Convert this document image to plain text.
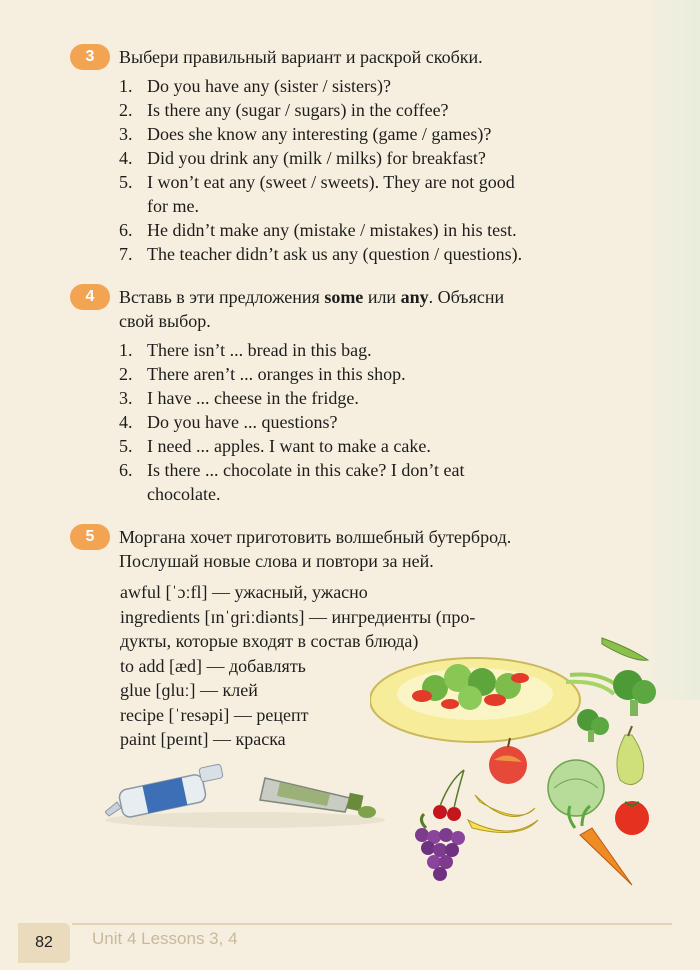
3	Выбери правильный вариант и раскрой скобки.
1. Do you have any (sister / sisters)?
2. Is there any (sugar / sugars) in the coffee?
3. Does she know any interesting (game / games)?
4. Did you drink any (milk / milks) for breakfast?
5. I won’t eat any (sweet / sweets). They are not good
for me.
6. He didn’t make any (mistake / mistakes) in his test.
7. The teacher didn’t ask us any (question / questions).
4	Вставь в эти предложения some или any. Объясни
свой выбор.
1. There isn’t ... bread in this bag.
2. There aren’t ... oranges in this shop.
3. I have ... cheese in the fridge.
4. Do you have ... questions?
5. I need ... apples. I want to make a cake.
6. Is there ... chocolate in this cake? I don’t eat
chocolate.
5	Моргана хочет приготовить волшебный бутерброд.
Послушай новые слова и повтори за ней.
awful [ˈɔːfl] — ужасный, ужасно
ingredients [ɪnˈɡriːdiənts] — ингредиенты (про-
дукты, которые входят в состав блюда)
to add [æd] — добавлять
glue [ɡluː] — клей
recipe [ˈresəpi] — рецепт
paint [peɪnt] — краска
82	Unit 4 Lessons 3, 4
